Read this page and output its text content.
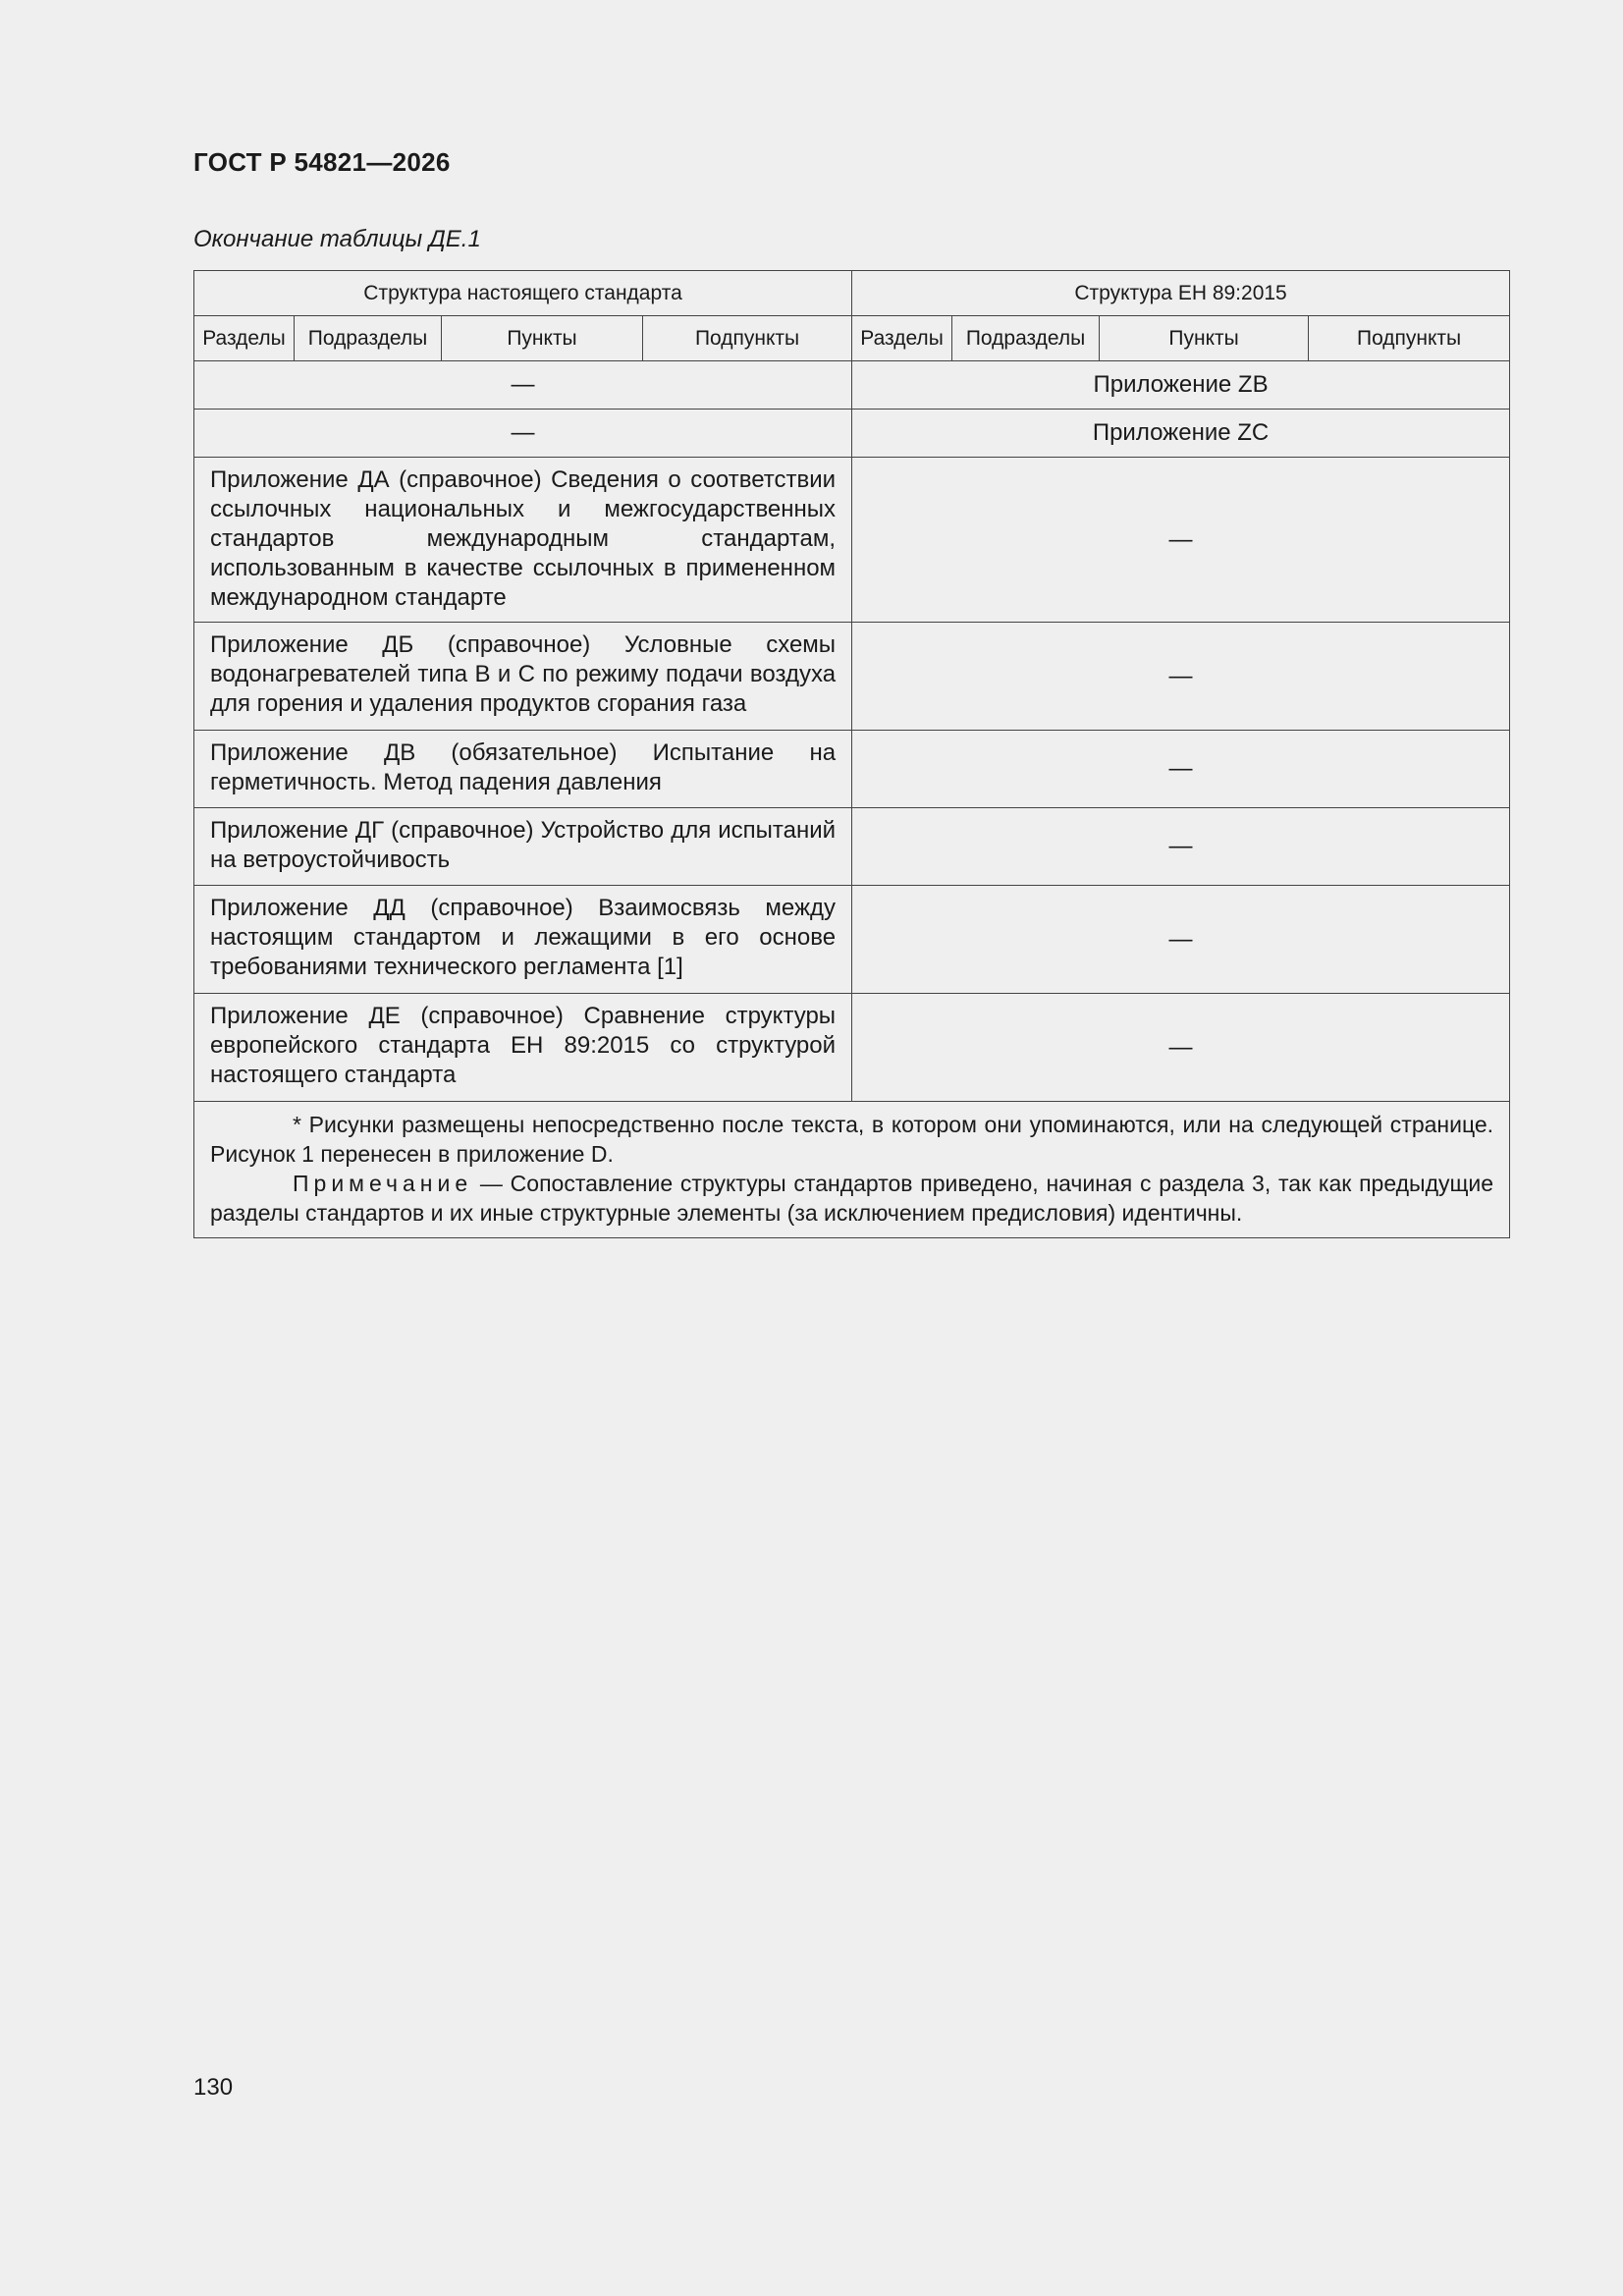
ГОСТ Р 54821—2026
Окончание таблицы ДЕ.1
Структура настоящего стандарта				Структура ЕН 89:2015			
Разделы	Подразделы	Пункты	Подпункты	Разделы	Подразделы	Пункты	Подпункты
—				Приложение ZB			
—				Приложение ZC			
Приложение ДА (справочное) Сведения о соответствии ссылочных национальных и межгосударственных стандартов международным стандартам, использованным в качестве ссылочных в примененном международном стандарте				—			
Приложение ДБ (справочное) Условные схемы водонагревателей типа В и С по режиму подачи воздуха для горения и удаления продуктов сгорания газа				—			
Приложение ДВ (обязательное) Испытание на герметичность. Метод падения давления				—			
Приложение ДГ (справочное) Устройство для испытаний на ветроустойчивость				—			
Приложение ДД (справочное) Взаимосвязь между настоящим стандартом и лежащими в его основе требованиями технического регламента [1]				—			
Приложение ДЕ (справочное) Сравнение структуры европейского стандарта ЕН 89:2015 со структурой настоящего стандарта				—			

* Рисунки размещены непосредственно после текста, в котором они упоминаются, или на следующей странице. Рисунок 1 перенесен в приложение D.

Примечание — Сопоставление структуры стандартов приведено, начиная с раздела 3, так как предыдущие разделы стандартов и их иные структурные элементы (за исключением предисловия) идентичны.							

130
